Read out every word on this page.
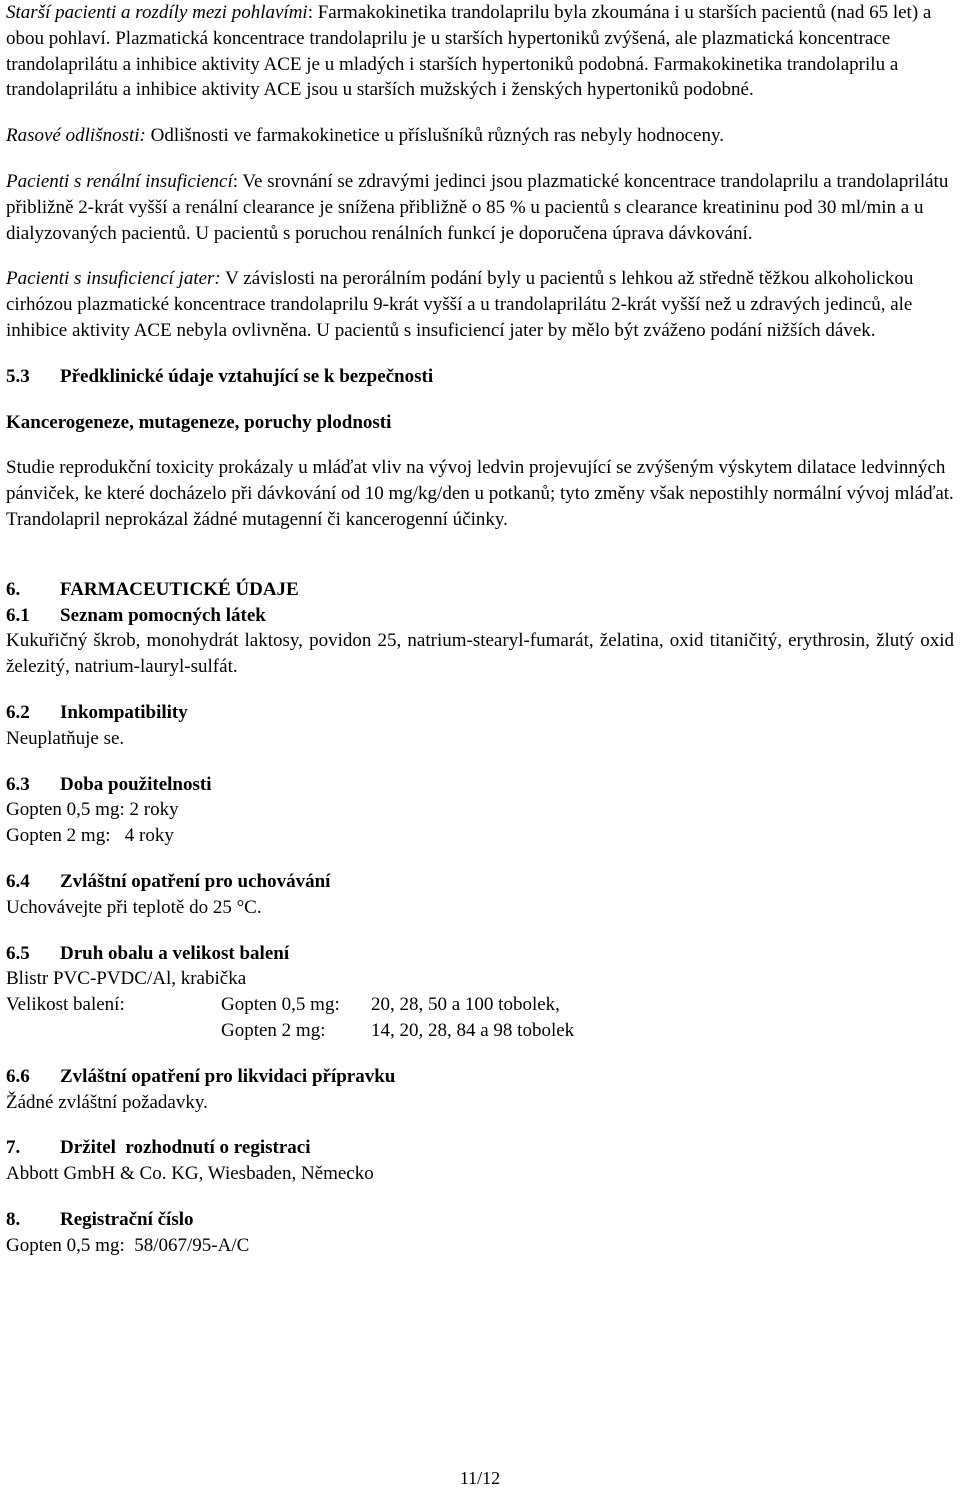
Starší pacienti a rozdíly mezi pohlavími: Farmakokinetika trandolaprilu byla zkoumána i u starších pacientů (nad 65 let) a obou pohlaví. Plazmatická koncentrace trandolaprilu je u starších hypertoniků zvýšená, ale plazmatická koncentrace trandolaprilátu a inhibice aktivity ACE je u mladých i starších hypertoniků podobná. Farmakokinetika trandolaprilu a trandolaprilátu a inhibice aktivity ACE jsou u starších mužských i ženských hypertoniků podobné.

Rasové odlišnosti: Odlišnosti ve farmakokinetice u příslušníků různých ras nebyly hodnoceny.

Pacienti s renální insuficiencí: Ve srovnání se zdravými jedinci jsou plazmatické koncentrace trandolaprilu a trandolaprilátu přibližně 2-krát vyšší a renální clearance je snížena přibližně o 85 % u pacientů s clearance kreatininu pod 30 ml/min a u dialyzovaných pacientů. U pacientů s poruchou renálních funkcí je doporučena úprava dávkování.

Pacienti s insuficiencí jater: V závislosti na perorálním podání byly u pacientů s lehkou až středně těžkou alkoholickou cirhózou plazmatické koncentrace trandolaprilu 9-krát vyšší a u trandolaprilátu 2-krát vyšší než u zdravých jedinců, ale inhibice aktivity ACE nebyla ovlivněna. U pacientů s insuficiencí jater by mělo být zváženo podání nižších dávek.

5.3 Předklinické údaje vztahující se k bezpečnosti

Kancerogeneze, mutageneze, poruchy plodnosti

Studie reprodukční toxicity prokázaly u mláďat vliv na vývoj ledvin projevující se zvýšeným výskytem dilatace ledvinných pánviček, ke které docházelo při dávkování od 10 mg/kg/den u potkanů; tyto změny však nepostihly normální vývoj mláďat. Trandolapril neprokázal žádné mutagenní či kancerogenní účinky.

6. FARMACEUTICKÉ ÚDAJE

6.1 Seznam pomocných látek

Kukuřičný škrob, monohydrát laktosy, povidon 25, natrium-stearyl-fumarát, želatina, oxid titaničitý, erythrosin, žlutý oxid železitý, natrium-lauryl-sulfát.

6.2 Inkompatibility

Neuplatňuje se.

6.3 Doba použitelnosti

Gopten 0,5 mg: 2 roky

Gopten 2 mg:   4 roky

6.4 Zvláštní opatření pro uchovávání

Uchovávejte při teplotě do 25 °C.

6.5 Druh obalu a velikost balení

Blistr PVC-PVDC/Al, krabička

Velikost balení:	Gopten 0,5 mg:	20, 28, 50 a 100 tobolek,
Gopten 2 mg:	14, 20, 28, 84 a 98 tobolek

6.6 Zvláštní opatření pro likvidaci přípravku

Žádné zvláštní požadavky.

7. Držitel  rozhodnutí o registraci

Abbott GmbH & Co. KG, Wiesbaden, Německo

8. Registrační číslo

Gopten 0,5 mg:  58/067/95-A/C

11/12
